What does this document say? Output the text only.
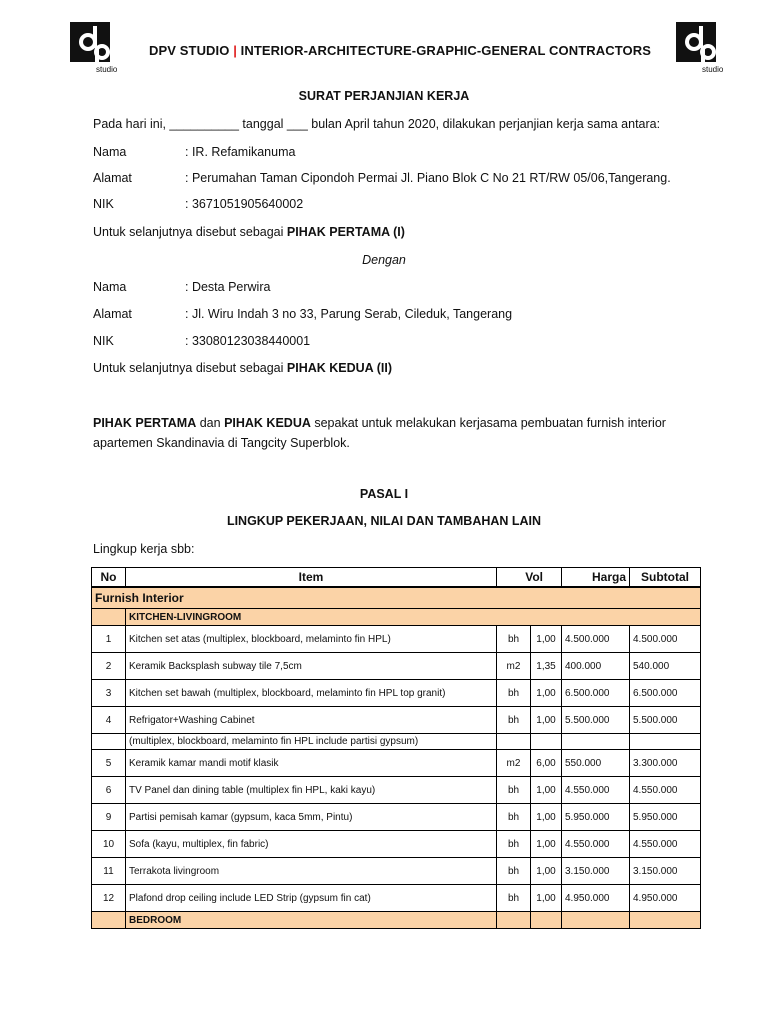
studio	studio
DPV STUDIO | INTERIOR-ARCHITECTURE-GRAPHIC-GENERAL CONTRACTORS
SURAT PERJANJIAN KERJA
Pada hari ini, __________ tanggal ___ bulan April tahun 2020, dilakukan perjanjian kerja sama antara:
Nama	: IR. Refamikanuma
Alamat	: Perumahan Taman Cipondoh Permai Jl. Piano Blok C No 21 RT/RW 05/06,Tangerang.
NIK	: 3671051905640002
Untuk selanjutnya disebut sebagai PIHAK PERTAMA (I)
Dengan
Nama	: Desta Perwira
Alamat	: Jl. Wiru Indah 3 no 33, Parung Serab, Cileduk, Tangerang
NIK	: 33080123038440001
Untuk selanjutnya disebut sebagai PIHAK KEDUA (II)
PIHAK PERTAMA dan PIHAK KEDUA sepakat untuk melakukan kerjasama pembuatan furnish interior apartemen Skandinavia di Tangcity Superblok.
PASAL I
LINGKUP PEKERJAAN, NILAI DAN TAMBAHAN LAIN
Lingkup kerja sbb:
No	Item	Vol		Harga	Subtotal
Furnish Interior					
	KITCHEN-LIVINGROOM				
1	Kitchen set atas (multiplex, blockboard, melaminto fin HPL)	bh	1,00	4.500.000	4.500.000
2	Keramik Backsplash subway tile 7,5cm	m2	1,35	400.000	540.000
3	Kitchen set bawah (multiplex, blockboard, melaminto fin HPL top granit)	bh	1,00	6.500.000	6.500.000
4	Refrigator+Washing Cabinet	bh	1,00	5.500.000	5.500.000
	(multiplex, blockboard, melaminto fin HPL include partisi gypsum)				
5	Keramik kamar mandi motif klasik	m2	6,00	550.000	3.300.000
6	TV Panel dan dining table (multiplex fin HPL, kaki kayu)	bh	1,00	4.550.000	4.550.000
9	Partisi pemisah kamar (gypsum, kaca 5mm, Pintu)	bh	1,00	5.950.000	5.950.000
10	Sofa (kayu, multiplex, fin fabric)	bh	1,00	4.550.000	4.550.000
11	Terrakota livingroom	bh	1,00	3.150.000	3.150.000
12	Plafond drop ceiling include LED Strip (gypsum fin cat)	bh	1,00	4.950.000	4.950.000
	BEDROOM				
